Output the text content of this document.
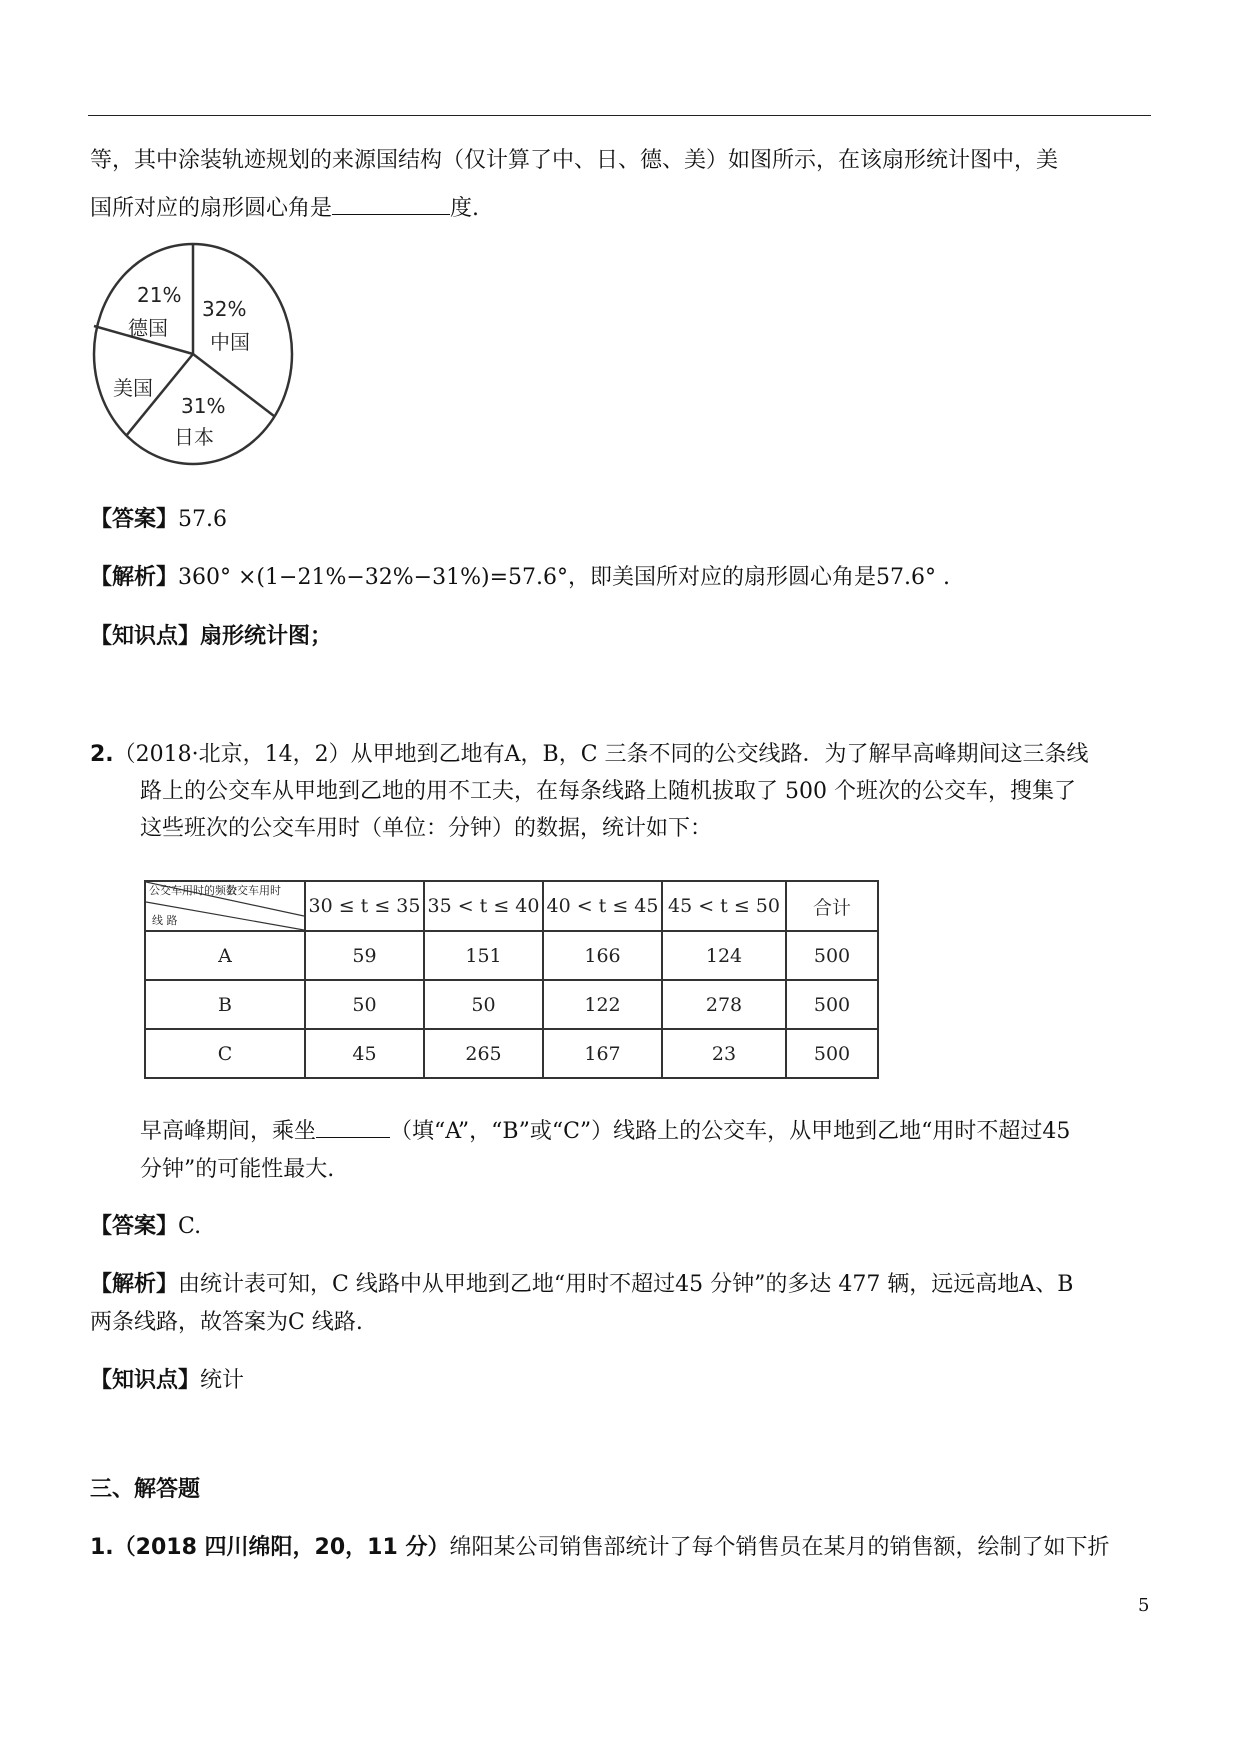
等，其中涂装轨迹规划的来源国结构（仅计算了中、日、德、美）如图所示，在该扇形统计图中，美
国所对应的扇形圆心角是	度.
21%
德国
32%
中国
美国
31%
日本
【答案】57.6
【解析】360° ×(1−21%−32%−31%)=57.6°，即美国所对应的扇形圆心角是57.6° .
【知识点】扇形统计图；
2.（2018·北京，14，2）从甲地到乙地有A，B，C 三条不同的公交线路．为了解早高峰期间这三条线
路上的公交车从甲地到乙地的用不工夫，在每条线路上随机拔取了 500 个班次的公交车，搜集了
这些班次的公交车用时（单位：分钟）的数据，统计如下：
公交车用时
公交车用时的频数
线 路	30 ≤ t ≤ 35	35 < t ≤ 40	40 < t ≤ 45	45 < t ≤ 50	合计
A	59	151	166	124	500
B	50	50	122	278	500
C	45	265	167	23	500
早高峰期间，乘坐	（填“A”，“B”或“C”）线路上的公交车，从甲地到乙地“用时不超过45
分钟”的可能性最大.
【答案】C.
【解析】由统计表可知，C 线路中从甲地到乙地“用时不超过45 分钟”的多达 477 辆，远远高地A、B
两条线路，故答案为C 线路.
【知识点】统计
三、解答题
1.（2018 四川绵阳，20，11 分）绵阳某公司销售部统计了每个销售员在某月的销售额，绘制了如下折
5
